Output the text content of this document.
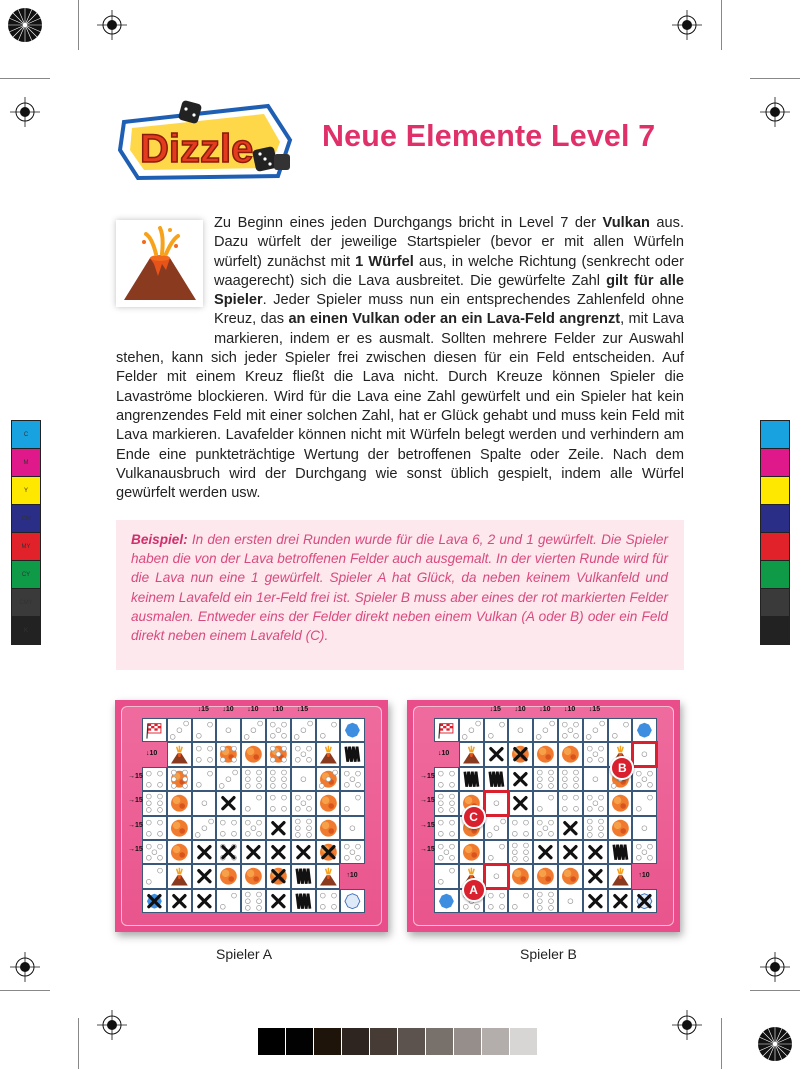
C
M
Y
CM
MY
CY
CMY
K
Dizzle Neue Elemente Level 7
Zu Beginn eines jeden Durchgangs bricht in Level 7 der Vulkan aus. Dazu würfelt der jeweilige Startspieler (bevor er mit allen Würfeln würfelt) zunächst mit 1 Würfel aus, in welche Richtung (senkrecht oder waagerecht) sich die Lava ausbreitet. Die gewürfelte Zahl gilt für alle Spieler. Jeder Spieler muss nun ein entsprechendes Zahlenfeld ohne Kreuz, das an einen Vulkan oder an ein Lava-Feld angrenzt, mit Lava markieren, indem er es ausmalt. Sollten mehrere Felder zur Auswahl stehen, kann sich jeder Spieler frei zwischen diesen für ein Feld entscheiden. Auf Felder mit einem Kreuz fließt die Lava nicht. Durch Kreuze können Spieler die Lavaströme blockieren. Wird für die Lava eine Zahl gewürfelt und ein Spieler hat kein angrenzendes Feld mit einer solchen Zahl, hat er Glück gehabt und muss kein Feld mit Lava markieren. Lavafelder können nicht mit Würfeln belegt werden und verhindern am Ende eine punkteträchtige Wertung der betroffenen Spalte oder Zeile. Nach dem Vulkanausbruch wird der Durchgang wie sonst üblich gespielt, indem alle Würfel gewürfelt werden usw.

Beispiel: In den ersten drei Runden wurde für die Lava 6, 2 und 1 gewürfelt. Die Spieler haben die von der Lava betroffenen Felder auch ausgemalt. In der vierten Runde wird für die Lava nun eine 1 gewürfelt. Spieler A hat Glück, da neben keinem Vulkanfeld und keinem Lavafeld ein 1er-Feld frei ist. Spieler B muss aber eines der rot markierten Felder ausmalen. Entweder eins der Felder direkt neben einem Vulkan (A oder B) oder ein Feld direkt neben einem Lavafeld (C).

↓15 ↓10 ↓10 ↓10 ↓15
↓10
→15
→15
→15
→15
↑10
↓15 ↓10 ↓10 ↓10 ↓15
↓10
→15
→15
→15
→15
↑10
B
C
A
Spieler A	Spieler B
